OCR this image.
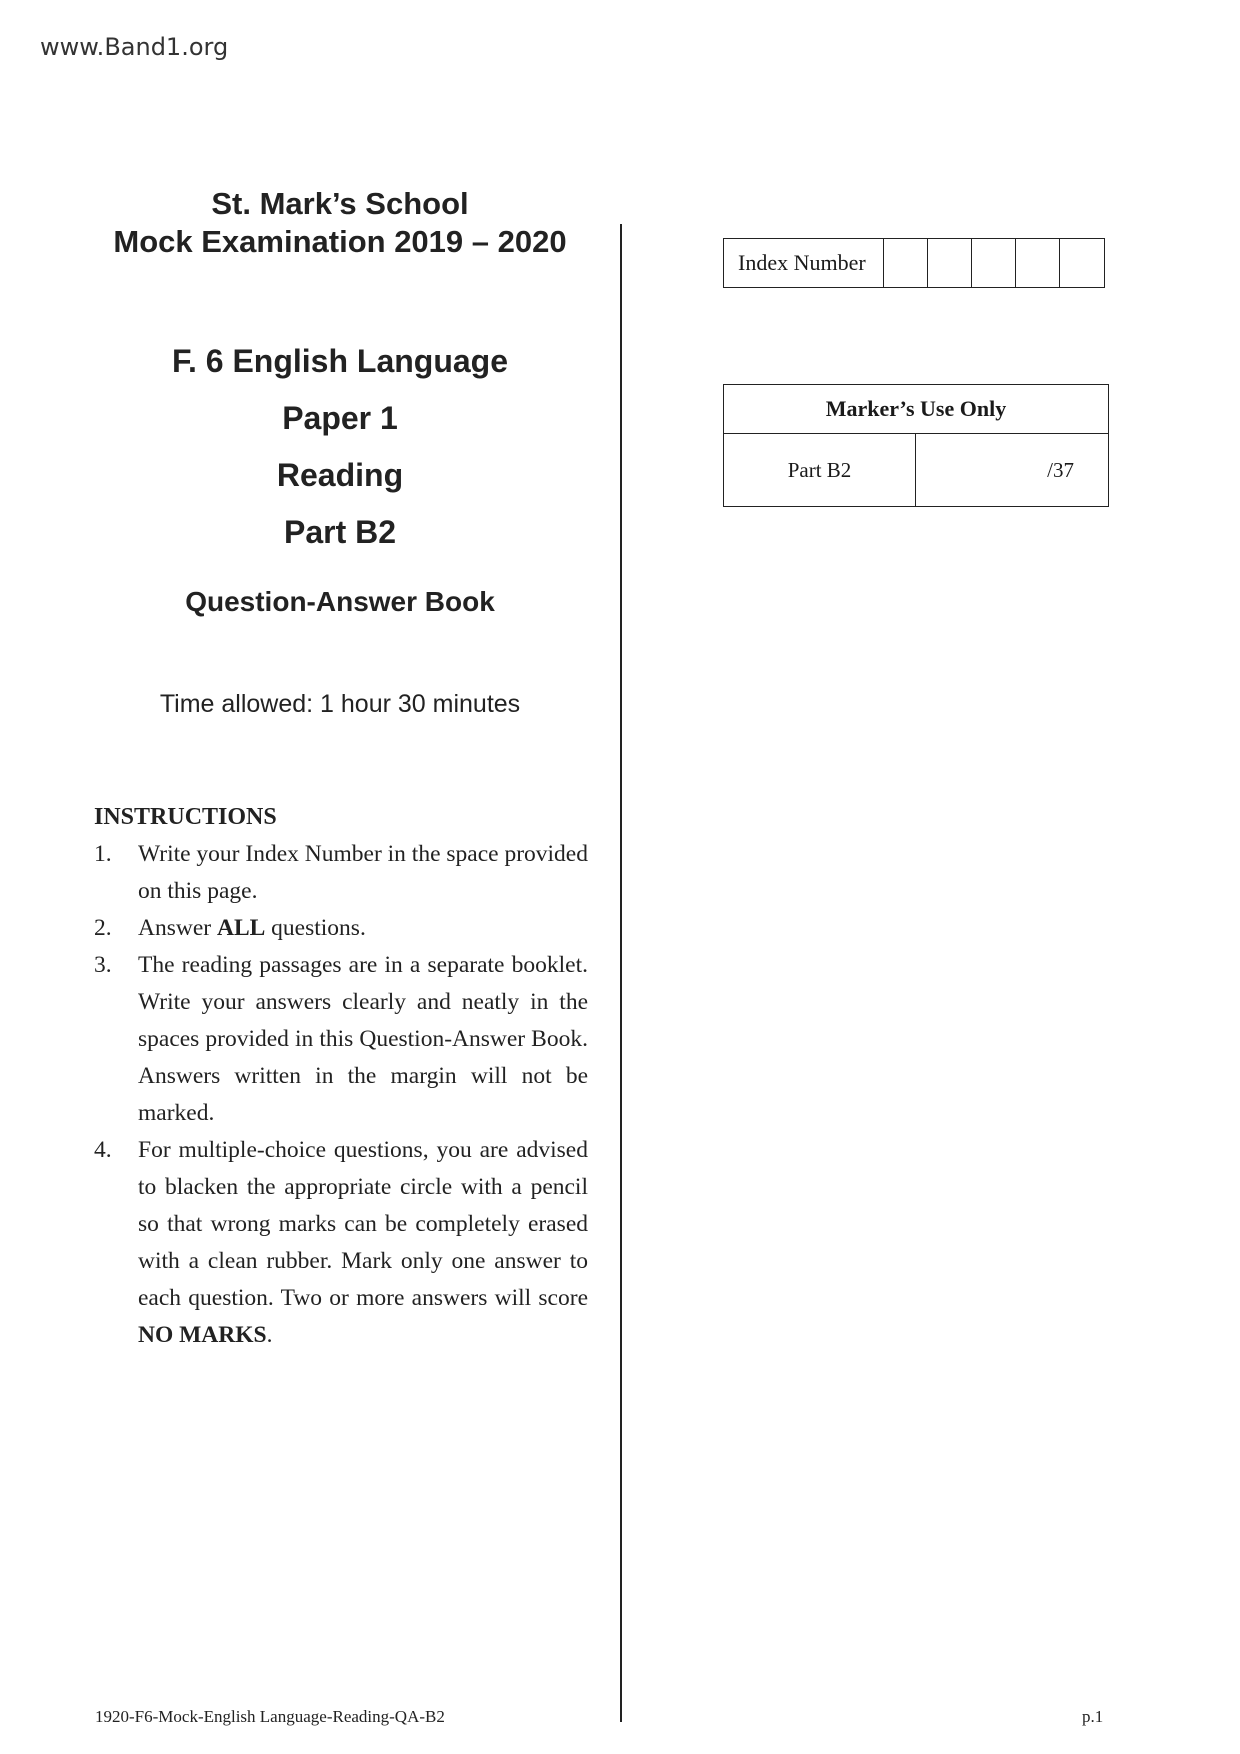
www.Band1.org
St. Mark’s School
Mock Examination 2019 – 2020
F. 6 English Language
Paper 1
Reading
Part B2
Question-Answer Book
Time allowed: 1 hour 30 minutes
INSTRUCTIONS
1. Write your Index Number in the space provided on this page.
2. Answer ALL questions.
3. The reading passages are in a separate booklet. Write your answers clearly and neatly in the spaces provided in this Question-Answer Book. Answers written in the margin will not be marked.
4. For multiple-choice questions, you are advised to blacken the appropriate circle with a pencil so that wrong marks can be completely erased with a clean rubber. Mark only one answer to each question. Two or more answers will score NO MARKS.
Index Number
Marker’s Use Only
Part B2	/37
1920-F6-Mock-English Language-Reading-QA-B2	p.1
